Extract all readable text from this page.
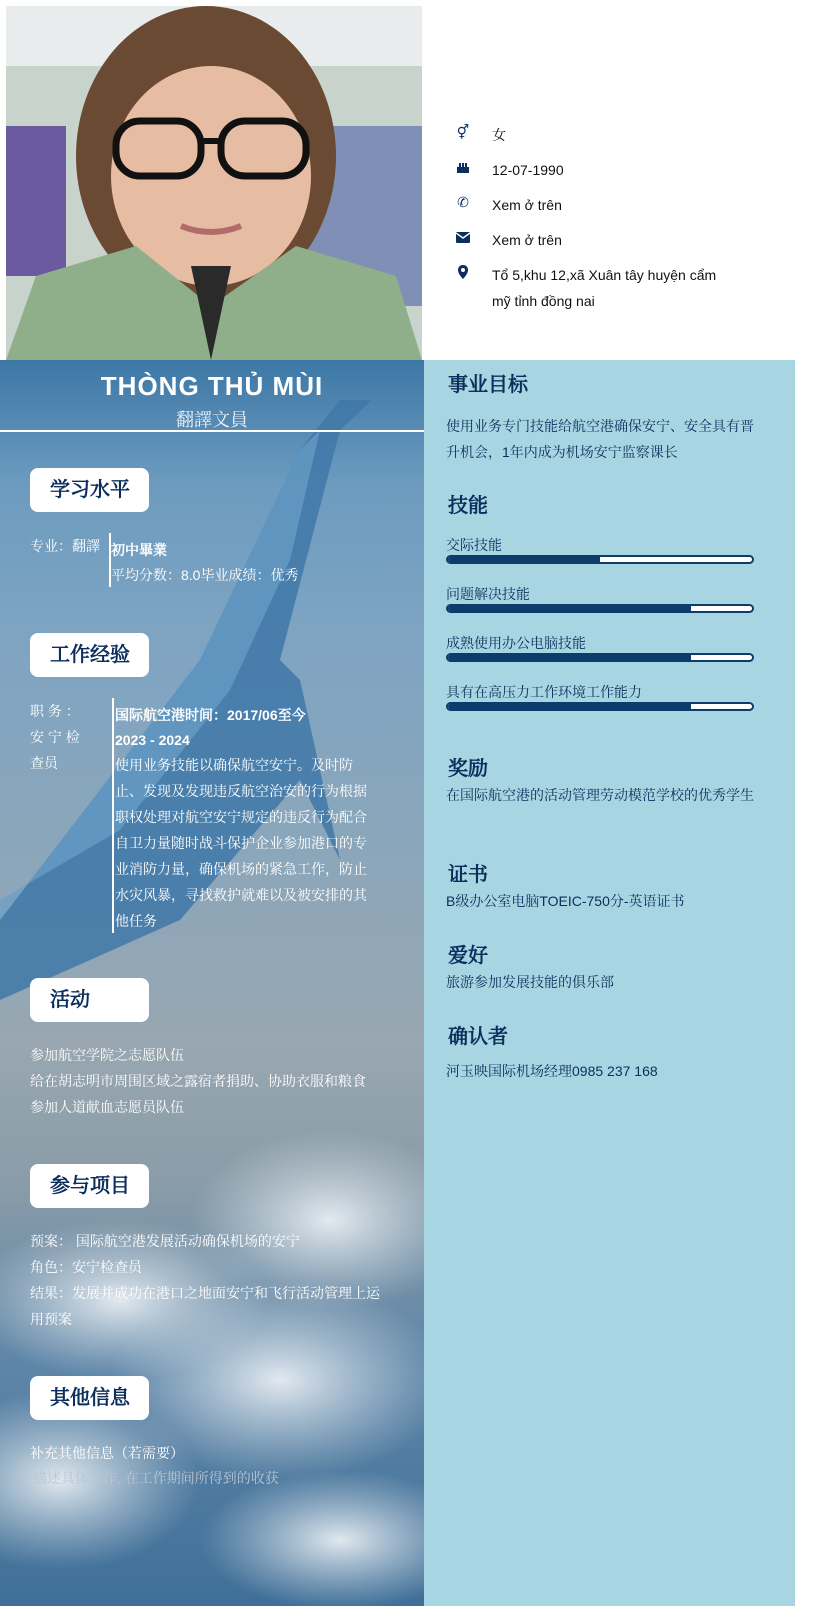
⚥ 女
12-07-1990
✆ Xem ở trên
Xem ở trên
Tổ 5,khu 12,xã Xuân tây huyện cẩm mỹ tỉnh đồng nai
THÒNG THỦ MÙI
翻譯文員
学习水平
专业：翻譯 初中畢業
平均分数：8.0毕业成绩：优秀
工作经验
职 务 ：
安 宁 检
查员
国际航空港时间：2017/06至今
2023 - 2024
使用业务技能以确保航空安宁。及时防止、发现及发现违反航空治安的行为根据职权处理对航空安宁规定的违反行为配合自卫力量随时战斗保护企业参加港口的专业消防力量，确保机场的紧急工作，防止水灾风暴，寻找救护就难以及被安排的其他任务
活动
参加航空学院之志愿队伍
给在胡志明市周围区域之露宿者捐助、协助衣服和粮食
参加人道献血志愿员队伍
参与项目
预案： 国际航空港发展活动确保机场的安宁
角色：安宁检查员
结果：发展并成功在港口之地面安宁和飞行活动管理上运用预案
其他信息
补充其他信息（若需要）
描述具体工作, 在工作期间所得到的收获
事业目标
使用业务专门技能给航空港确保安宁、安全具有晋升机会，1年内成为机场安宁监察课长
技能
交际技能
问题解决技能
成熟使用办公电脑技能
具有在高压力工作环境工作能力
奖励
在国际航空港的活动管理劳动模范学校的优秀学生
证书
B级办公室电脑TOEIC-750分-英语证书
爱好
旅游参加发展技能的俱乐部
确认者
河玉映国际机场经理0985 237 168
